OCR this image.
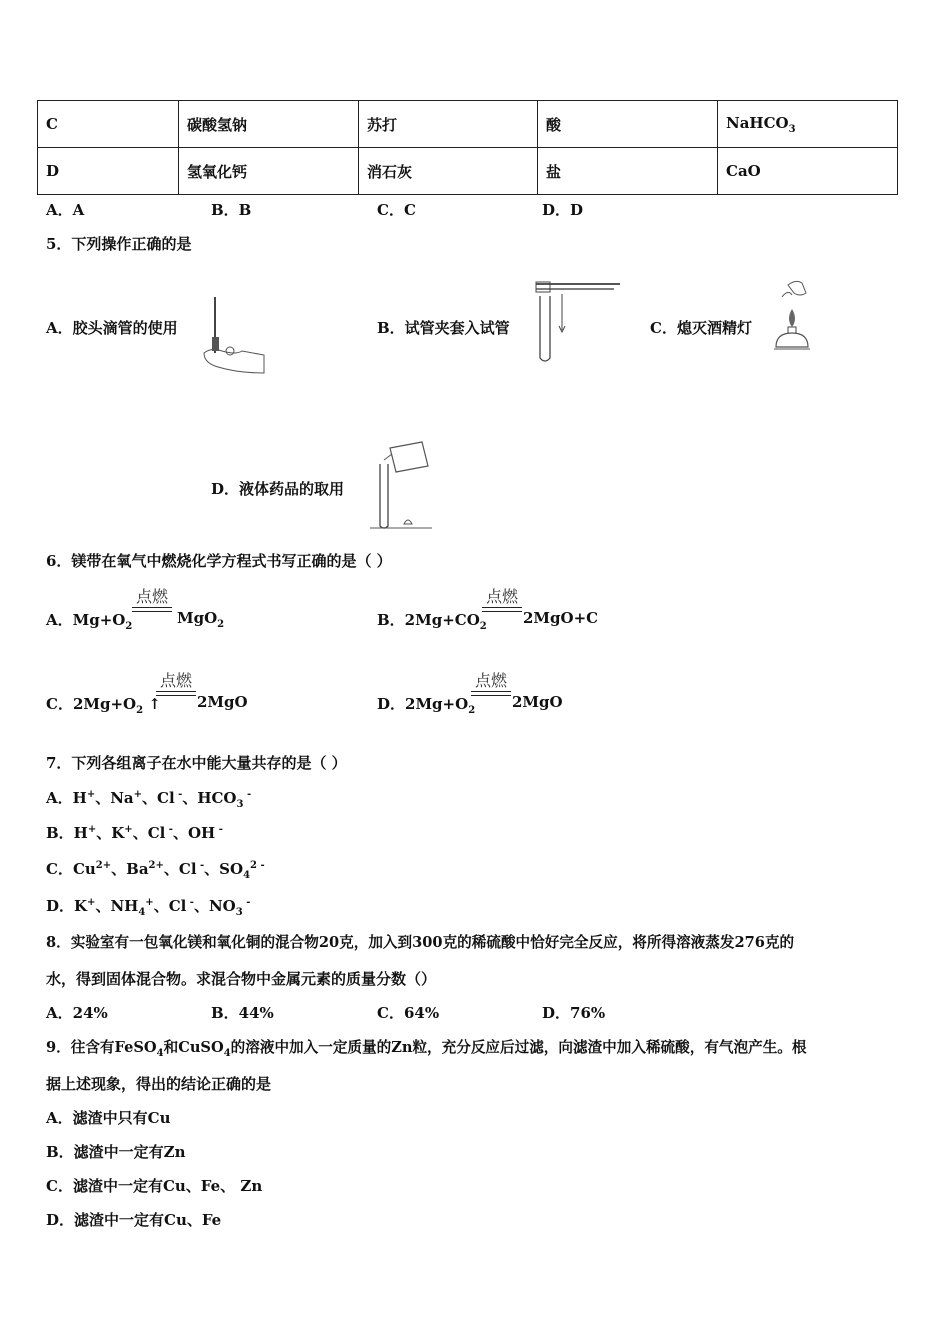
C	碳酸氢钠	苏打	酸	NaHCO$_3$
D	氢氧化钙	消石灰	盐	CaO
A．A	B．B	C．C	D．D
5．下列操作正确的是
A．胶头滴管的使用	B．试管夹套入试管	C．熄灭酒精灯
D．液体药品的取用
6．镁带在氧气中燃烧化学方程式书写正确的是（ ）
A．$Mg+O_2$
点燃
MgO$_2$	B．$2Mg+CO_2$
点燃
2MgO+C
C．$2Mg+O_2$ ↑
点燃
2MgO	D．$2Mg+O_2$
点燃
2MgO
7．下列各组离子在水中能大量共存的是（ ）
A．H+、Na+、Cl -、$HCO_3$ -
B．H+、K+、Cl -、OH -
C．$Cu^{2+}$、$Ba^{2+}$、Cl -、$SO_4^{2 -}$
D．K+、$NH_4^+$、Cl -、$NO_3$ -
8．实验室有一包氧化镁和氧化铜的混合物20克，加入到300克的稀硫酸中恰好完全反应，将所得溶液蒸发276克的
水，得到固体混合物。求混合物中金属元素的质量分数（）
A．24%	B．44%	C．64%	D．76%
9．往含有FeSO$_4$和CuSO$_4$的溶液中加入一定质量的Zn粒，充分反应后过滤，向滤渣中加入稀硫酸，有气泡产生。根
据上述现象，得出的结论正确的是
A．滤渣中只有Cu
B．滤渣中一定有Zn
C．滤渣中一定有Cu、Fe、 Zn
D．滤渣中一定有Cu、Fe
